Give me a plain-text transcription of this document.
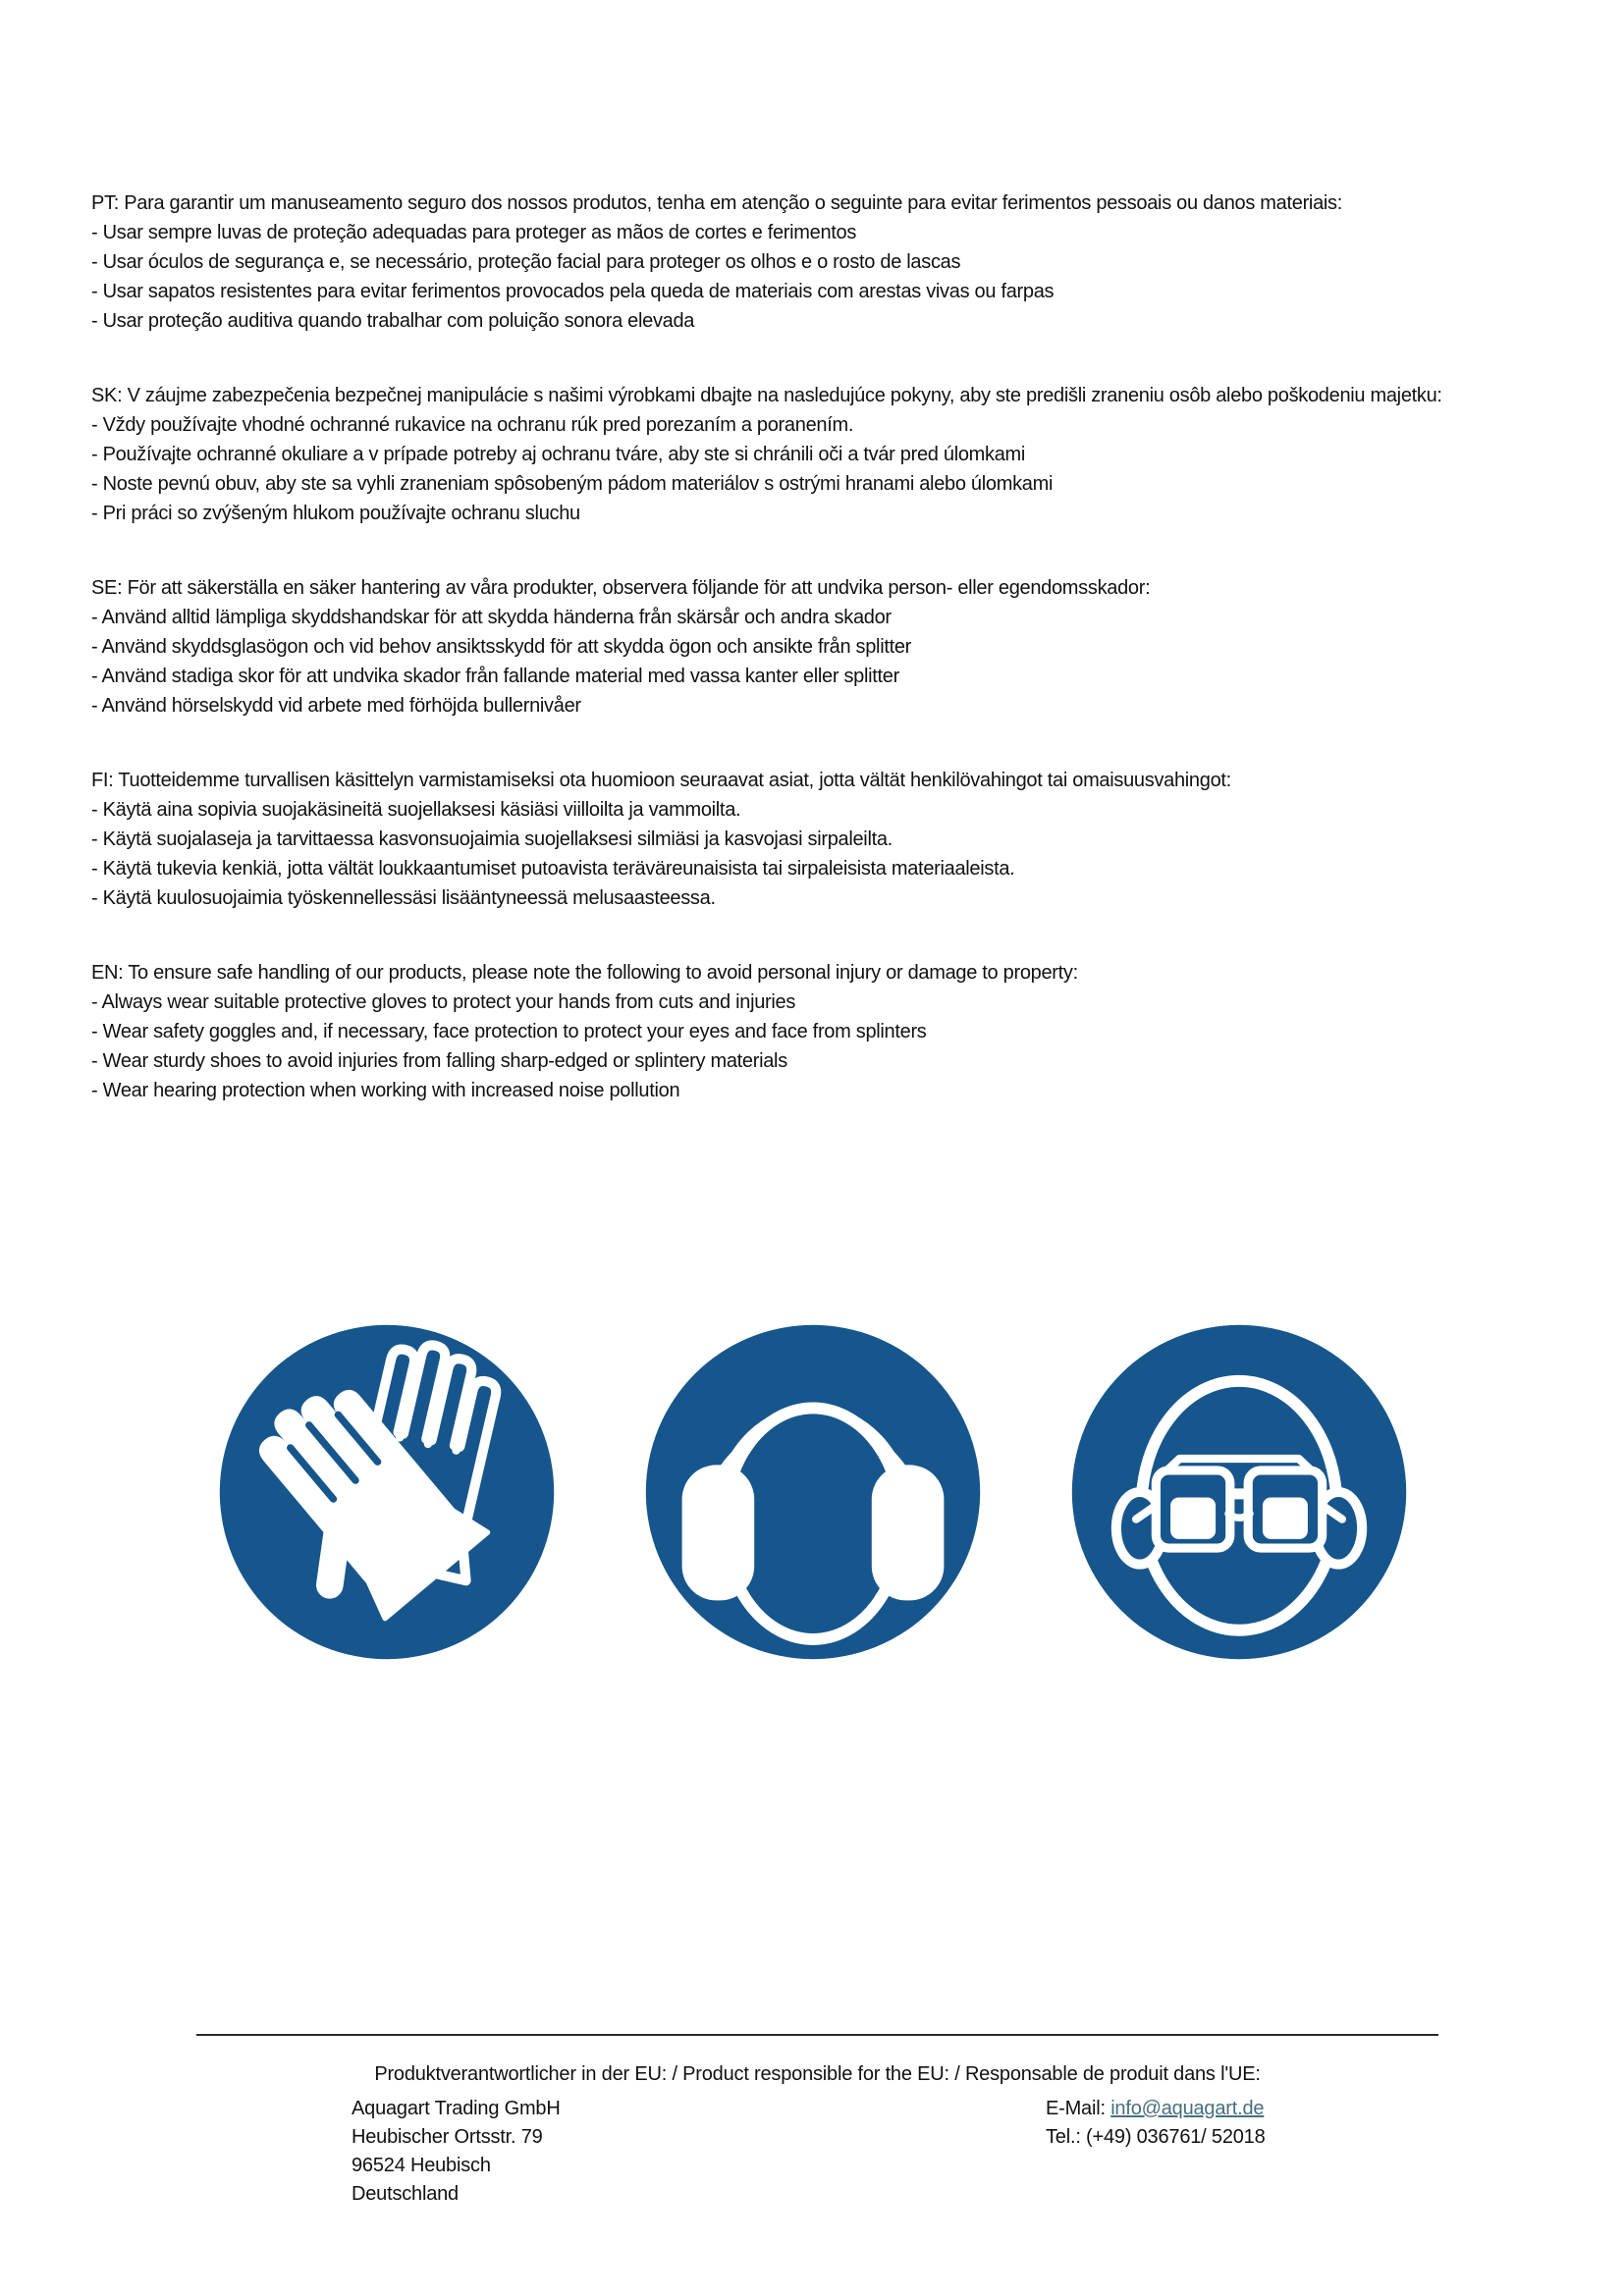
PT: Para garantir um manuseamento seguro dos nossos produtos, tenha em atenção o seguinte para evitar ferimentos pessoais ou danos materiais:

- Usar sempre luvas de proteção adequadas para proteger as mãos de cortes e ferimentos

- Usar óculos de segurança e, se necessário, proteção facial para proteger os olhos e o rosto de lascas

- Usar sapatos resistentes para evitar ferimentos provocados pela queda de materiais com arestas vivas ou farpas

- Usar proteção auditiva quando trabalhar com poluição sonora elevada

SK: V záujme zabezpečenia bezpečnej manipulácie s našimi výrobkami dbajte na nasledujúce pokyny, aby ste predišli zraneniu osôb alebo poškodeniu majetku:

- Vždy používajte vhodné ochranné rukavice na ochranu rúk pred porezaním a poranením.

- Používajte ochranné okuliare a v prípade potreby aj ochranu tváre, aby ste si chránili oči a tvár pred úlomkami

- Noste pevnú obuv, aby ste sa vyhli zraneniam spôsobeným pádom materiálov s ostrými hranami alebo úlomkami

- Pri práci so zvýšeným hlukom používajte ochranu sluchu

SE: För att säkerställa en säker hantering av våra produkter, observera följande för att undvika person- eller egendomsskador:

- Använd alltid lämpliga skyddshandskar för att skydda händerna från skärsår och andra skador

- Använd skyddsglasögon och vid behov ansiktsskydd för att skydda ögon och ansikte från splitter

- Använd stadiga skor för att undvika skador från fallande material med vassa kanter eller splitter

- Använd hörselskydd vid arbete med förhöjda bullernivåer

FI: Tuotteidemme turvallisen käsittelyn varmistamiseksi ota huomioon seuraavat asiat, jotta vältät henkilövahingot tai omaisuusvahingot:

- Käytä aina sopivia suojakäsineitä suojellaksesi käsiäsi viilloilta ja vammoilta.

- Käytä suojalaseja ja tarvittaessa kasvonsuojaimia suojellaksesi silmiäsi ja kasvojasi sirpaleilta.

- Käytä tukevia kenkiä, jotta vältät loukkaantumiset putoavista teräväreunaisista tai sirpaleisista materiaaleista.

- Käytä kuulosuojaimia työskennellessäsi lisääntyneessä melusaasteessa.

EN: To ensure safe handling of our products, please note the following to avoid personal injury or damage to property:

- Always wear suitable protective gloves to protect your hands from cuts and injuries

- Wear safety goggles and, if necessary, face protection to protect your eyes and face from splinters

- Wear sturdy shoes to avoid injuries from falling sharp-edged or splintery materials

- Wear hearing protection when working with increased noise pollution

Produktverantwortlicher in der EU: / Product responsible for the EU: / Responsable de produit dans l'UE:

Aquagart Trading GmbH

Heubischer Ortsstr. 79

96524 Heubisch

Deutschland

E-Mail: info@aquagart.de

Tel.: (+49) 036761/ 52018
